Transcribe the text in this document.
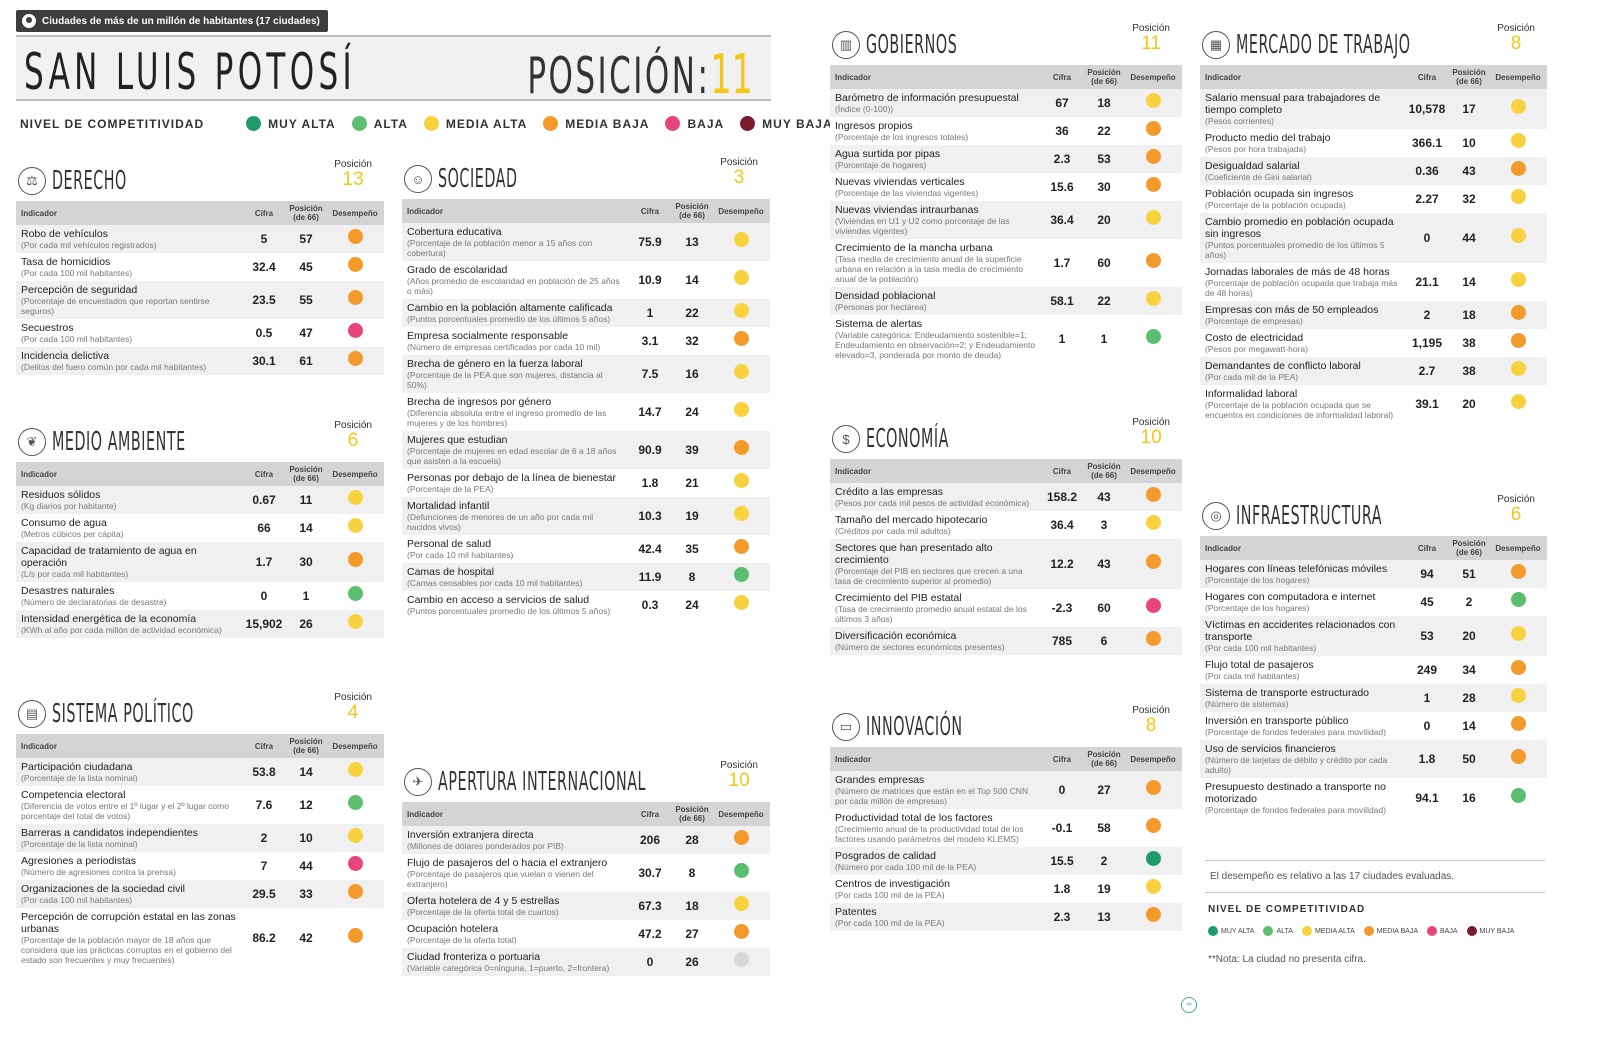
Ciudades de más de un millón de habitantes (17 ciudades)
SAN LUIS POTOSÍ	POSICIÓN: 11
NIVEL DE COMPETITIVIDAD	MUY ALTA	ALTA	MEDIA ALTA	MEDIA BAJA	BAJA	MUY BAJA
⚖ DERECHO
Posición
13
Indicador	Cifra	Posición (de 66)	Desempeño

Robo de vehículos
(Por cada mil vehículos registrados)	5	57	

Tasa de homicidios
(Por cada 100 mil habitantes)	32.4	45	

Percepción de seguridad
(Porcentaje de encuestados que reportan sentirse seguros)	23.5	55	

Secuestros
(Por cada 100 mil habitantes)	0.5	47	

Incidencia delictiva
(Delitos del fuero común por cada mil habitantes)	30.1	61	
❦ MEDIO AMBIENTE
Posición
6
Indicador	Cifra	Posición (de 66)	Desempeño

Residuos sólidos
(Kg diarios por habitante)	0.67	11	

Consumo de agua
(Metros cúbicos per cápita)	66	14	

Capacidad de tratamiento de agua en operación
(L/s por cada mil habitantes)	1.7	30	

Desastres naturales
(Número de declaratorias de desastre)	0	1	

Intensidad energética de la economía
(KWh al año por cada millón de actividad económica)	15,902	26	
▤ SISTEMA POLÍTICO
Posición
4
Indicador	Cifra	Posición (de 66)	Desempeño

Participación ciudadana
(Porcentaje de la lista nominal)	53.8	14	

Competencia electoral
(Diferencia de votos entre el 1º lugar y el 2º lugar como porcentaje del total de votos)	7.6	12	

Barreras a candidatos independientes
(Porcentaje de la lista nominal)	2	10	

Agresiones a periodistas
(Número de agresiones contra la prensa)	7	44	

Organizaciones de la sociedad civil
(Por cada 100 mil habitantes)	29.5	33	

Percepción de corrupción estatal en las zonas urbanas
(Porcentaje de la población mayor de 18 años que considera que las prácticas corruptas en el gobierno del estado son frecuentes y muy frecuentes)	86.2	42	
☺ SOCIEDAD
Posición
3
Indicador	Cifra	Posición (de 66)	Desempeño

Cobertura educativa
(Porcentaje de la población menor a 15 años con cobertura)	75.9	13	

Grado de escolaridad
(Años promedio de escolaridad en población de 25 años o más)	10.9	14	

Cambio en la población altamente calificada
(Puntos porcentuales promedio de los últimos 5 años)	1	22	

Empresa socialmente responsable
(Número de empresas certificadas por cada 10 mil)	3.1	32	

Brecha de género en la fuerza laboral
(Porcentaje de la PEA que son mujeres, distancia al 50%)	7.5	16	

Brecha de ingresos por género
(Diferencia absoluta entre el ingreso promedio de las mujeres y de los hombres)	14.7	24	

Mujeres que estudian
(Porcentaje de mujeres en edad escolar de 6 a 18 años que asisten a la escuela)	90.9	39	

Personas por debajo de la línea de bienestar
(Porcentaje de la PEA)	1.8	21	

Mortalidad infantil
(Defunciones de menores de un año por cada mil nacidos vivos)	10.3	19	

Personal de salud
(Por cada 10 mil habitantes)	42.4	35	

Camas de hospital
(Camas censables por cada 10 mil habitantes)	11.9	8	

Cambio en acceso a servicios de salud
(Puntos porcentuales promedio de los últimos 5 años)	0.3	24	
✈ APERTURA INTERNACIONAL
Posición
10
Indicador	Cifra	Posición (de 66)	Desempeño

Inversión extranjera directa
(Millones de dólares ponderados por PIB)	206	28	

Flujo de pasajeros del o hacia el extranjero
(Porcentaje de pasajeros que vuelan o vienen del extranjero)	30.7	8	

Oferta hotelera de 4 y 5 estrellas
(Porcentaje de la oferta total de cuartos)	67.3	18	

Ocupación hotelera
(Porcentaje de la oferta total)	47.2	27	

Ciudad fronteriza o portuaria
(Variable categórica 0=ninguna, 1=puerto, 2=frontera)	0	26	
▥ GOBIERNOS
Posición
11
Indicador	Cifra	Posición (de 66)	Desempeño

Barómetro de información presupuestal
(Índice (0-100))	67	18	

Ingresos propios
(Porcentaje de los ingresos totales)	36	22	

Agua surtida por pipas
(Porcentaje de hogares)	2.3	53	

Nuevas viviendas verticales
(Porcentaje de las viviendas vigentes)	15.6	30	

Nuevas viviendas intraurbanas
(Viviendas en U1 y U2 como porcentaje de las viviendas vigentes)	36.4	20	

Crecimiento de la mancha urbana
(Tasa media de crecimiento anual de la superficie urbana en relación a la tasa media de crecimiento anual de la población)	1.7	60	

Densidad poblacional
(Personas por hectárea)	58.1	22	

Sistema de alertas
(Variable categórica: Endeudamiento sostenible=1; Endeudamiento en observación=2; y Endeudamiento elevado=3, ponderada por monto de deuda)	1	1	
$ ECONOMÍA
Posición
10
Indicador	Cifra	Posición (de 66)	Desempeño

Crédito a las empresas
(Pesos por cada mil pesos de actividad económica)	158.2	43	

Tamaño del mercado hipotecario
(Créditos por cada mil adultos)	36.4	3	

Sectores que han presentado alto crecimiento
(Porcentaje del PIB en sectores que crecen a una tasa de crecimiento superior al promedio)	12.2	43	

Crecimiento del PIB estatal
(Tasa de crecimiento promedio anual estatal de los últimos 3 años)	-2.3	60	

Diversificación económica
(Número de sectores económicos presentes)	785	6	
▭ INNOVACIÓN
Posición
8
Indicador	Cifra	Posición (de 66)	Desempeño

Grandes empresas
(Número de matrices que están en el Top 500 CNN por cada millón de empresas)	0	27	

Productividad total de los factores
(Crecimiento anual de la productividad total de los factores usando parámetros del modelo KLEMS)	-0.1	58	

Posgrados de calidad
(Número por cada 100 mil de la PEA)	15.5	2	

Centros de investigación
(Por cada 100 mil de la PEA)	1.8	19	

Patentes
(Por cada 100 mil de la PEA)	2.3	13	
▦ MERCADO DE TRABAJO
Posición
8
Indicador	Cifra	Posición (de 66)	Desempeño

Salario mensual para trabajadores de tiempo completo
(Pesos corrientes)	10,578	17	

Producto medio del trabajo
(Pesos por hora trabajada)	366.1	10	

Desigualdad salarial
(Coeficiente de Gini salarial)	0.36	43	

Población ocupada sin ingresos
(Porcentaje de la población ocupada)	2.27	32	

Cambio promedio en población ocupada sin ingresos
(Puntos porcentuales promedio de los últimos 5 años)	0	44	

Jornadas laborales de más de 48 horas
(Porcentaje de población ocupada que trabaja más de 48 horas)	21.1	14	

Empresas con más de 50 empleados
(Porcentaje de empresas)	2	18	

Costo de electricidad
(Pesos por megawatt-hora)	1,195	38	

Demandantes de conflicto laboral
(Por cada mil de la PEA)	2.7	38	

Informalidad laboral
(Porcentaje de la población ocupada que se encuentra en condiciones de informalidad laboral)	39.1	20	
◎ INFRAESTRUCTURA
Posición
6
Indicador	Cifra	Posición (de 66)	Desempeño

Hogares con líneas telefónicas móviles
(Porcentaje de los hogares)	94	51	

Hogares con computadora e internet
(Porcentaje de los hogares)	45	2	

Víctimas en accidentes relacionados con transporte
(Por cada 100 mil habitantes)	53	20	

Flujo total de pasajeros
(Por cada mil habitantes)	249	34	

Sistema de transporte estructurado
(Número de sistemas)	1	28	

Inversión en transporte público
(Porcentaje de fondos federales para movilidad)	0	14	

Uso de servicios financieros
(Número de tarjetas de débito y crédito por cada adulto)	1.8	50	

Presupuesto destinado a transporte no motorizado
(Porcentaje de fondos federales para movilidad)	94.1	16	
El desempeño es relativo a las 17 ciudades evaluadas.
NIVEL DE COMPETITIVIDAD
MUY ALTA	ALTA	MEDIA ALTA	MEDIA BAJA	BAJA	MUY BAJA
**Nota: La ciudad no presenta cifra.
∞
